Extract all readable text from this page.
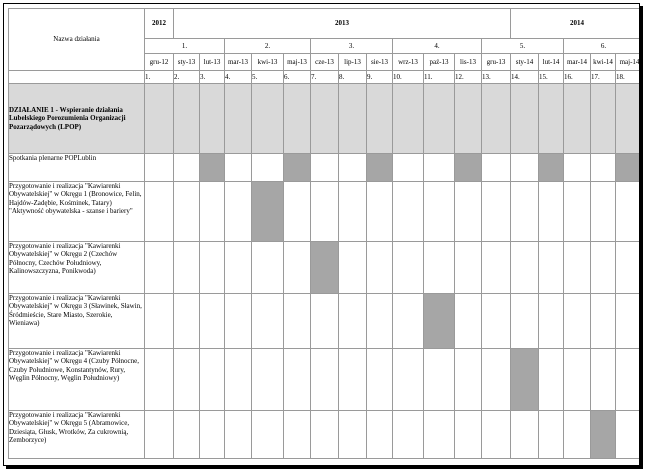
Nazwa działania	2012	2013												2014				
	1.			2.			3.			4.			5.			6.		
	gru-12	sty-13	lut-13	mar-13	kwi-13	maj-13	cze-13	lip-13	sie-13	wrz-13	paź-13	lis-13	gru-13	sty-14	lut-14	mar-14	kwi-14	maj-14
	1.	2.	3.	4.	5.	6.	7.	8.	9.	10.	11.	12.	13.	14.	15.	16.	17.	18.
DZIAŁANIE 1 - Wspieranie działania Lubelskiego Porozumienia Organizacji Pozarządowych (LPOP)																		
Spotkania plenarne POPLublin																		
Przygotowanie i realizacja "Kawiarenki Obywatelskiej" w Okręgu 1 (Bronowice, Felin, Hajdów-Zadębie, Kośminek, Tatary) "Aktywność obywatelska - szanse i bariery"																		
Przygotowanie i realizacja "Kawiarenki Obywatelskiej" w Okręgu 2 (Czechów Północny, Czechów Południowy, Kalinowszczyzna, Ponikwoda)																		
Przygotowanie i realizacja "Kawiarenki Obywatelskiej" w Okręgu 3 (Sławinek, Sławin, Śródmieście, Stare Miasto, Szerokie, Wieniawa)																		
Przygotowanie i realizacja "Kawiarenki Obywatelskiej" w Okręgu 4 (Czuby Północne, Czuby Południowe, Konstantynów, Rury, Węglin Północny, Węglin Południowy)																		
Przygotowanie i realizacja "Kawiarenki Obywatelskiej" w Okręgu 5 (Abramowice, Dziesiąta, Głusk, Wrotków, Za cukrownią, Zemborzyce)																		
